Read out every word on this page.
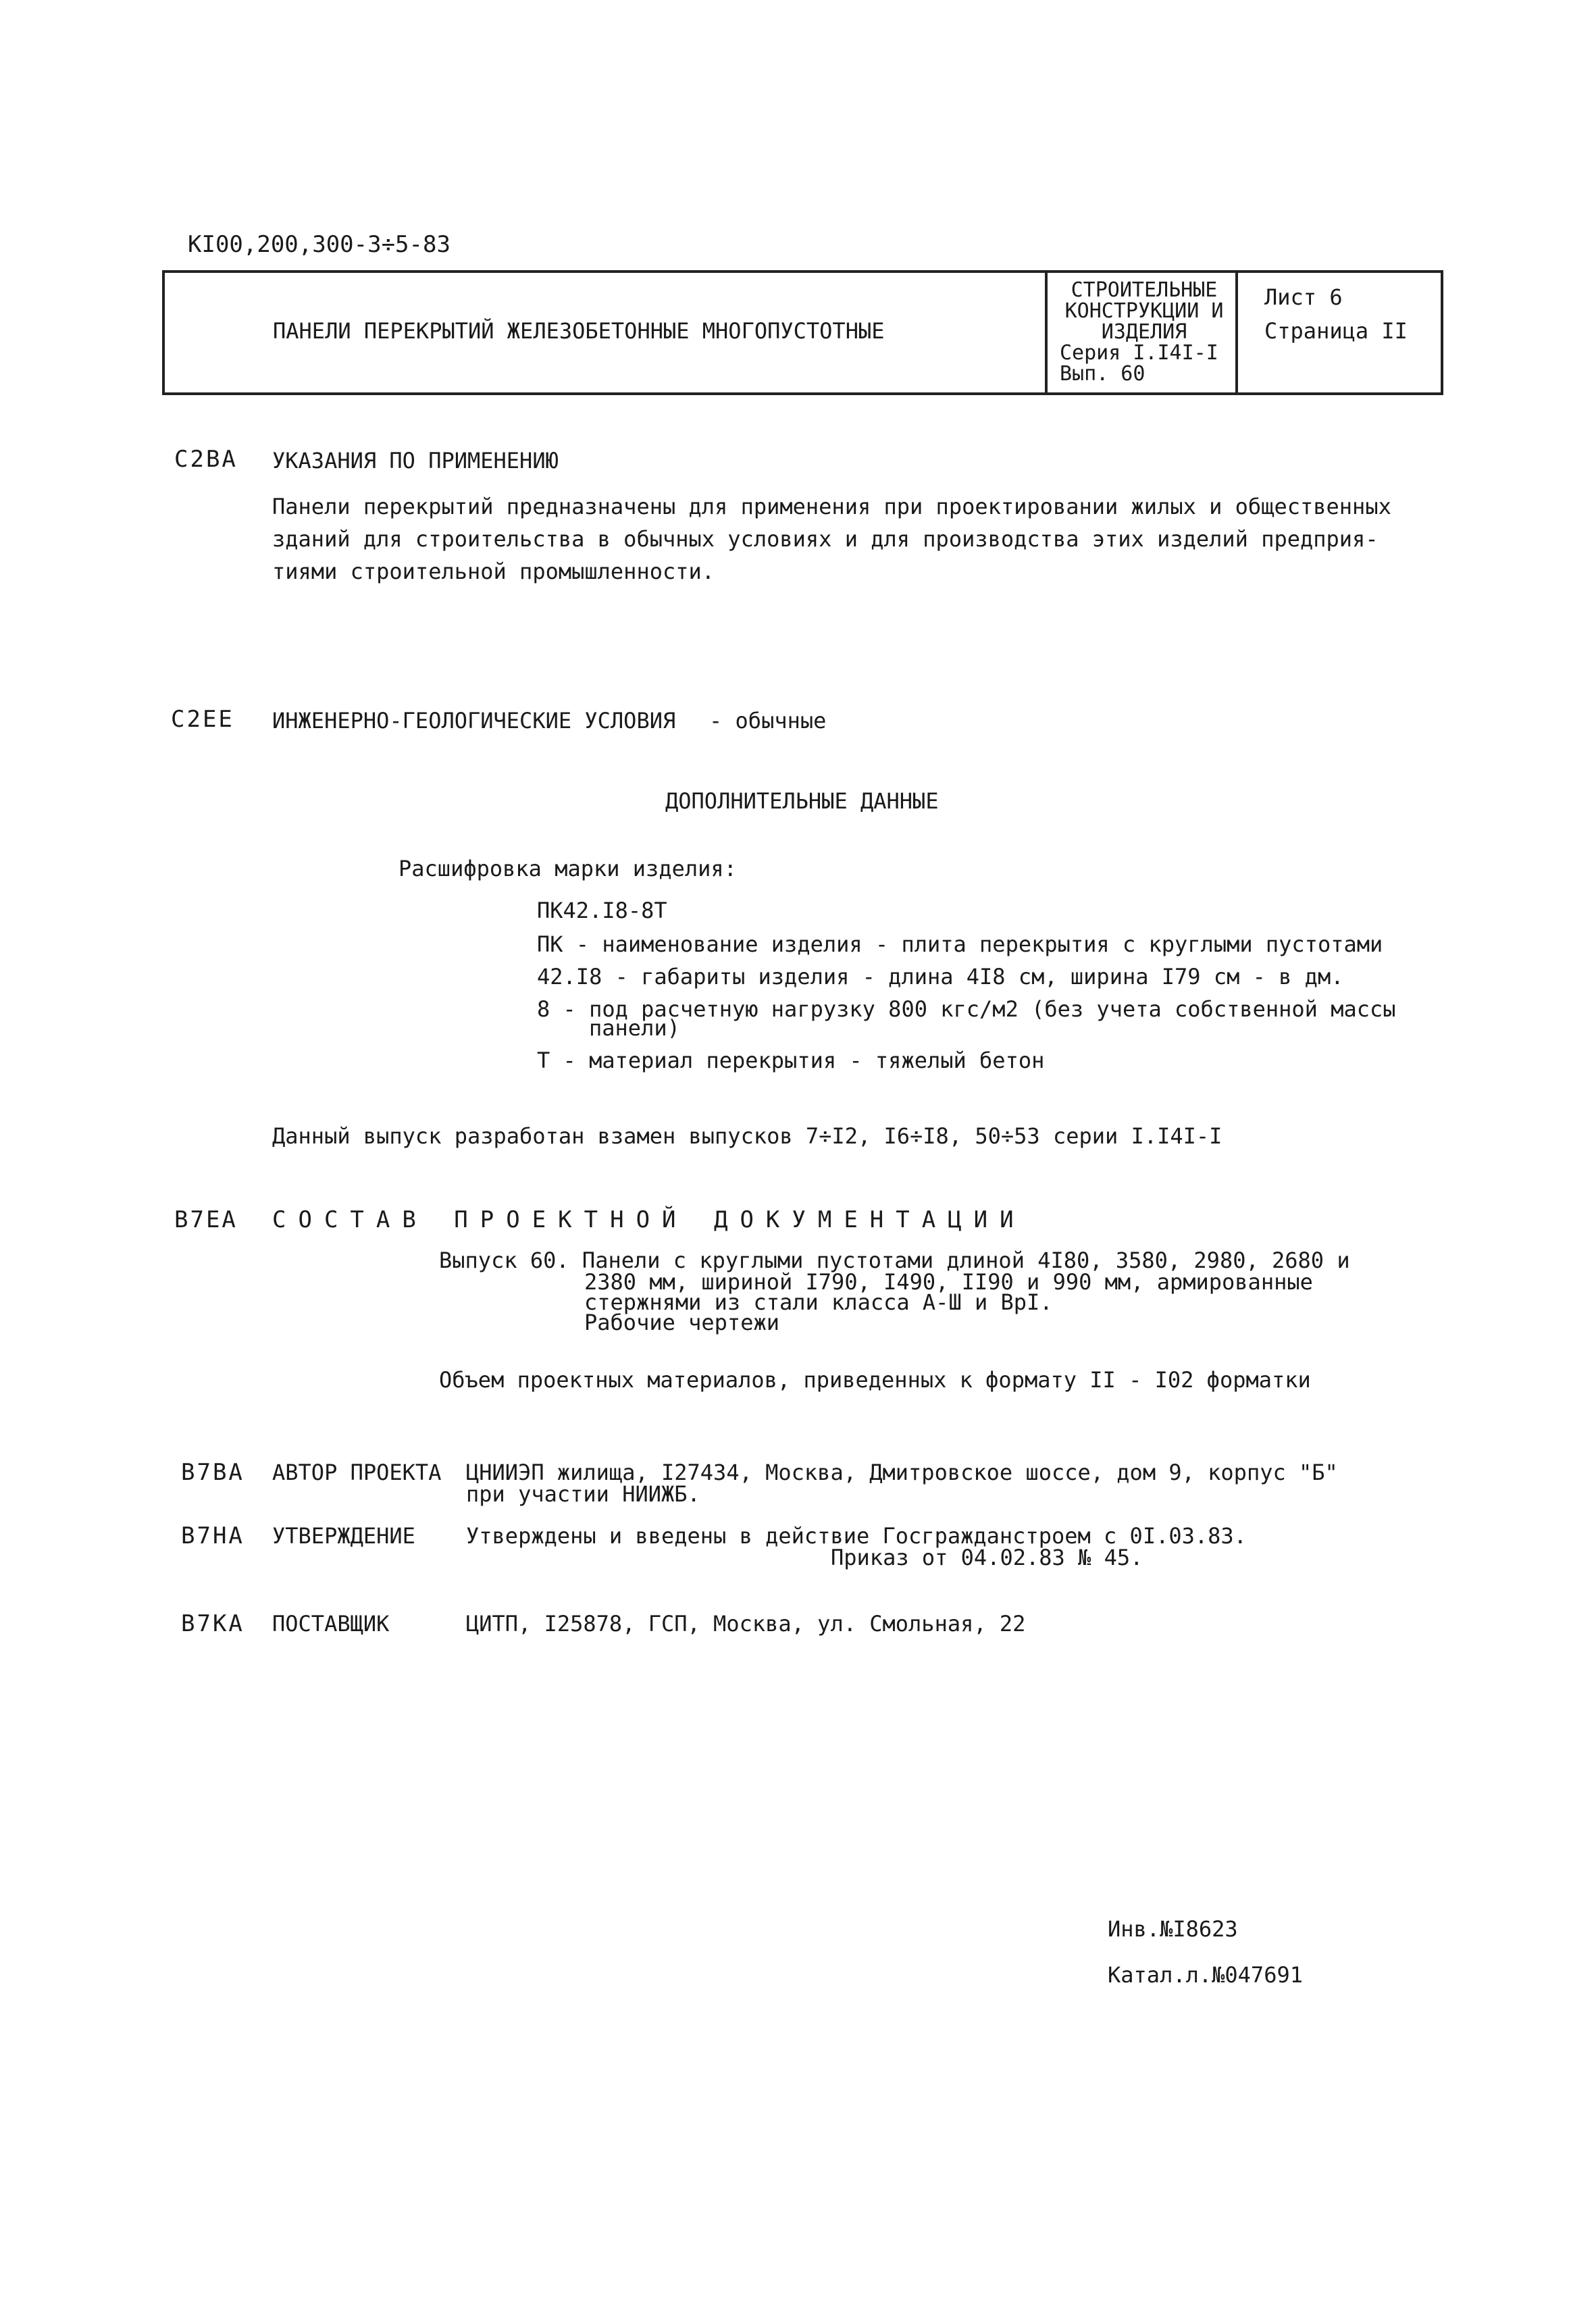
КI00,200,300-3÷5-83
ПАНЕЛИ ПЕРЕКРЫТИЙ ЖЕЛЕЗОБЕТОННЫЕ МНОГОПУСТОТНЫЕ
СТРОИТЕЛЬНЫЕ
КОНСТРУКЦИИ И
ИЗДЕЛИЯ
Серия I.I4I-I
Вып. 60
Лист 6
Страница II
С2ВА УКАЗАНИЯ ПО ПРИМЕНЕНИЮ
Панели перекрытий предназначены для применения при проектировании жилых и общественных
зданий для строительства в обычных условиях и для производства этих изделий предприя-
тиями строительной промышленности.
С2ЕЕ ИНЖЕНЕРНО-ГЕОЛОГИЧЕСКИЕ УСЛОВИЯ - обычные
ДОПОЛНИТЕЛЬНЫЕ ДАННЫЕ
Расшифровка марки изделия:
ПК42.I8-8Т
ПК - наименование изделия - плита перекрытия с круглыми пустотами
42.I8 - габариты изделия - длина 4I8 см, ширина I79 см - в дм.
8 - под расчетную нагрузку 800 кгс/м2 (без учета собственной массы
панели)
Т - материал перекрытия - тяжелый бетон
Данный выпуск разработан взамен выпусков 7÷I2, I6÷I8, 50÷53 серии I.I4I-I
В7ЕА СОСТАВ ПРОЕКТНОЙ ДОКУМЕНТАЦИИ
Выпуск 60. Панели с круглыми пустотами длиной 4I80, 3580, 2980, 2680 и
2380 мм, шириной I790, I490, II90 и 990 мм, армированные
стержнями из стали класса А-Ш и ВрI.
Рабочие чертежи
Объем проектных материалов, приведенных к формату II - I02 форматки
В7ВА АВТОР ПРОЕКТА ЦНИИЭП жилища, I27434, Москва, Дмитровское шоссе, дом 9, корпус "Б"
при участии НИИЖБ.
В7НА УТВЕРЖДЕНИЕ Утверждены и введены в действие Госгражданстроем с 0I.03.83.
Приказ от 04.02.83 № 45.
В7КА ПОСТАВЩИК	ЦИТП, I25878, ГСП, Москва, ул. Смольная, 22
Инв.№I8623
Катал.л.№047691
